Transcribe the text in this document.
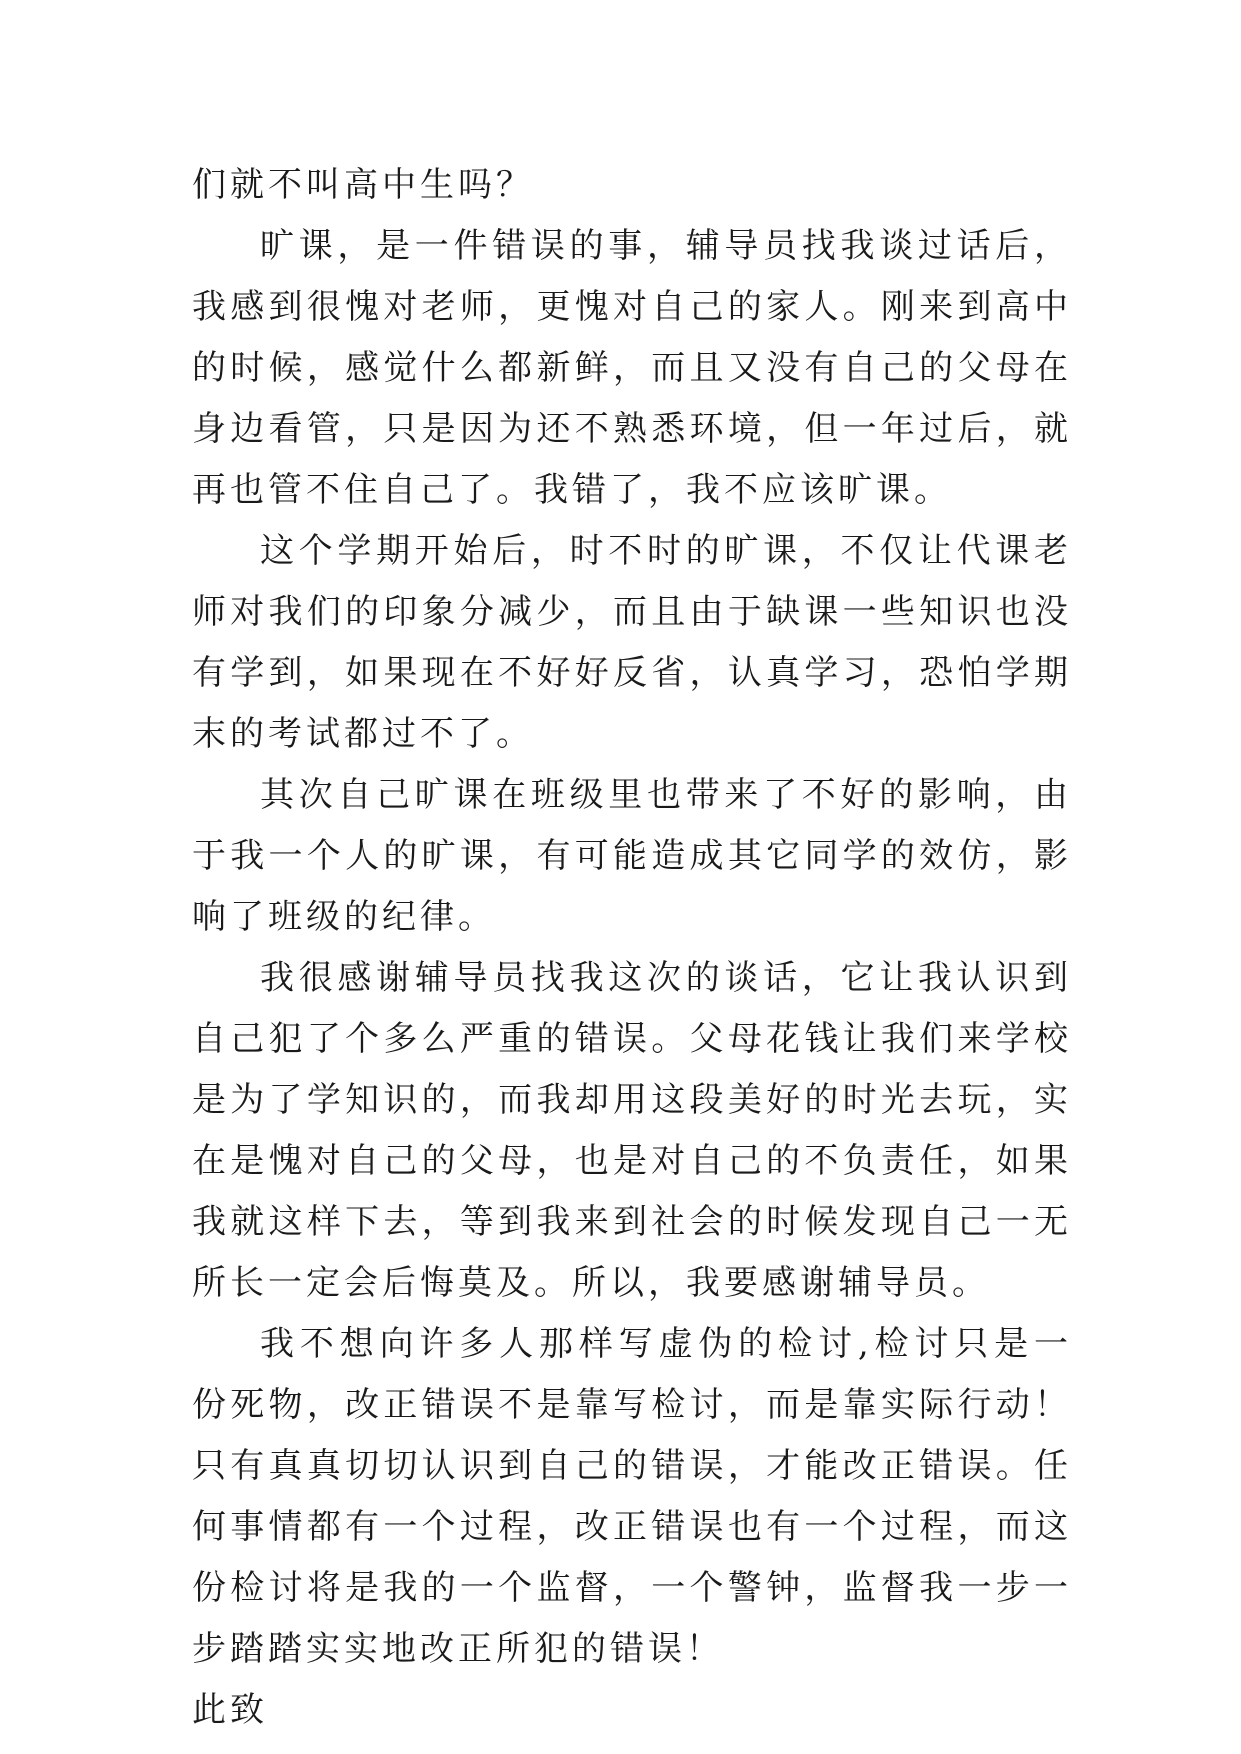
们就不叫高中生吗？

旷课，是一件错误的事，辅导员找我谈过话后，我感到很愧对老师，更愧对自己的家人。刚来到高中的时候，感觉什么都新鲜，而且又没有自己的父母在身边看管，只是因为还不熟悉环境，但一年过后，就再也管不住自己了。我错了，我不应该旷课。

这个学期开始后，时不时的旷课，不仅让代课老师对我们的印象分减少，而且由于缺课一些知识也没有学到，如果现在不好好反省，认真学习，恐怕学期末的考试都过不了。

其次自己旷课在班级里也带来了不好的影响，由于我一个人的旷课，有可能造成其它同学的效仿，影响了班级的纪律。

我很感谢辅导员找我这次的谈话，它让我认识到自己犯了个多么严重的错误。父母花钱让我们来学校是为了学知识的，而我却用这段美好的时光去玩，实在是愧对自己的父母，也是对自己的不负责任，如果我就这样下去，等到我来到社会的时候发现自己一无所长一定会后悔莫及。所以，我要感谢辅导员。

我不想向许多人那样写虚伪的检讨,检讨只是一份死物，改正错误不是靠写检讨，而是靠实际行动！只有真真切切认识到自己的错误，才能改正错误。任何事情都有一个过程，改正错误也有一个过程，而这份检讨将是我的一个监督，一个警钟，监督我一步一步踏踏实实地改正所犯的错误！

此致
